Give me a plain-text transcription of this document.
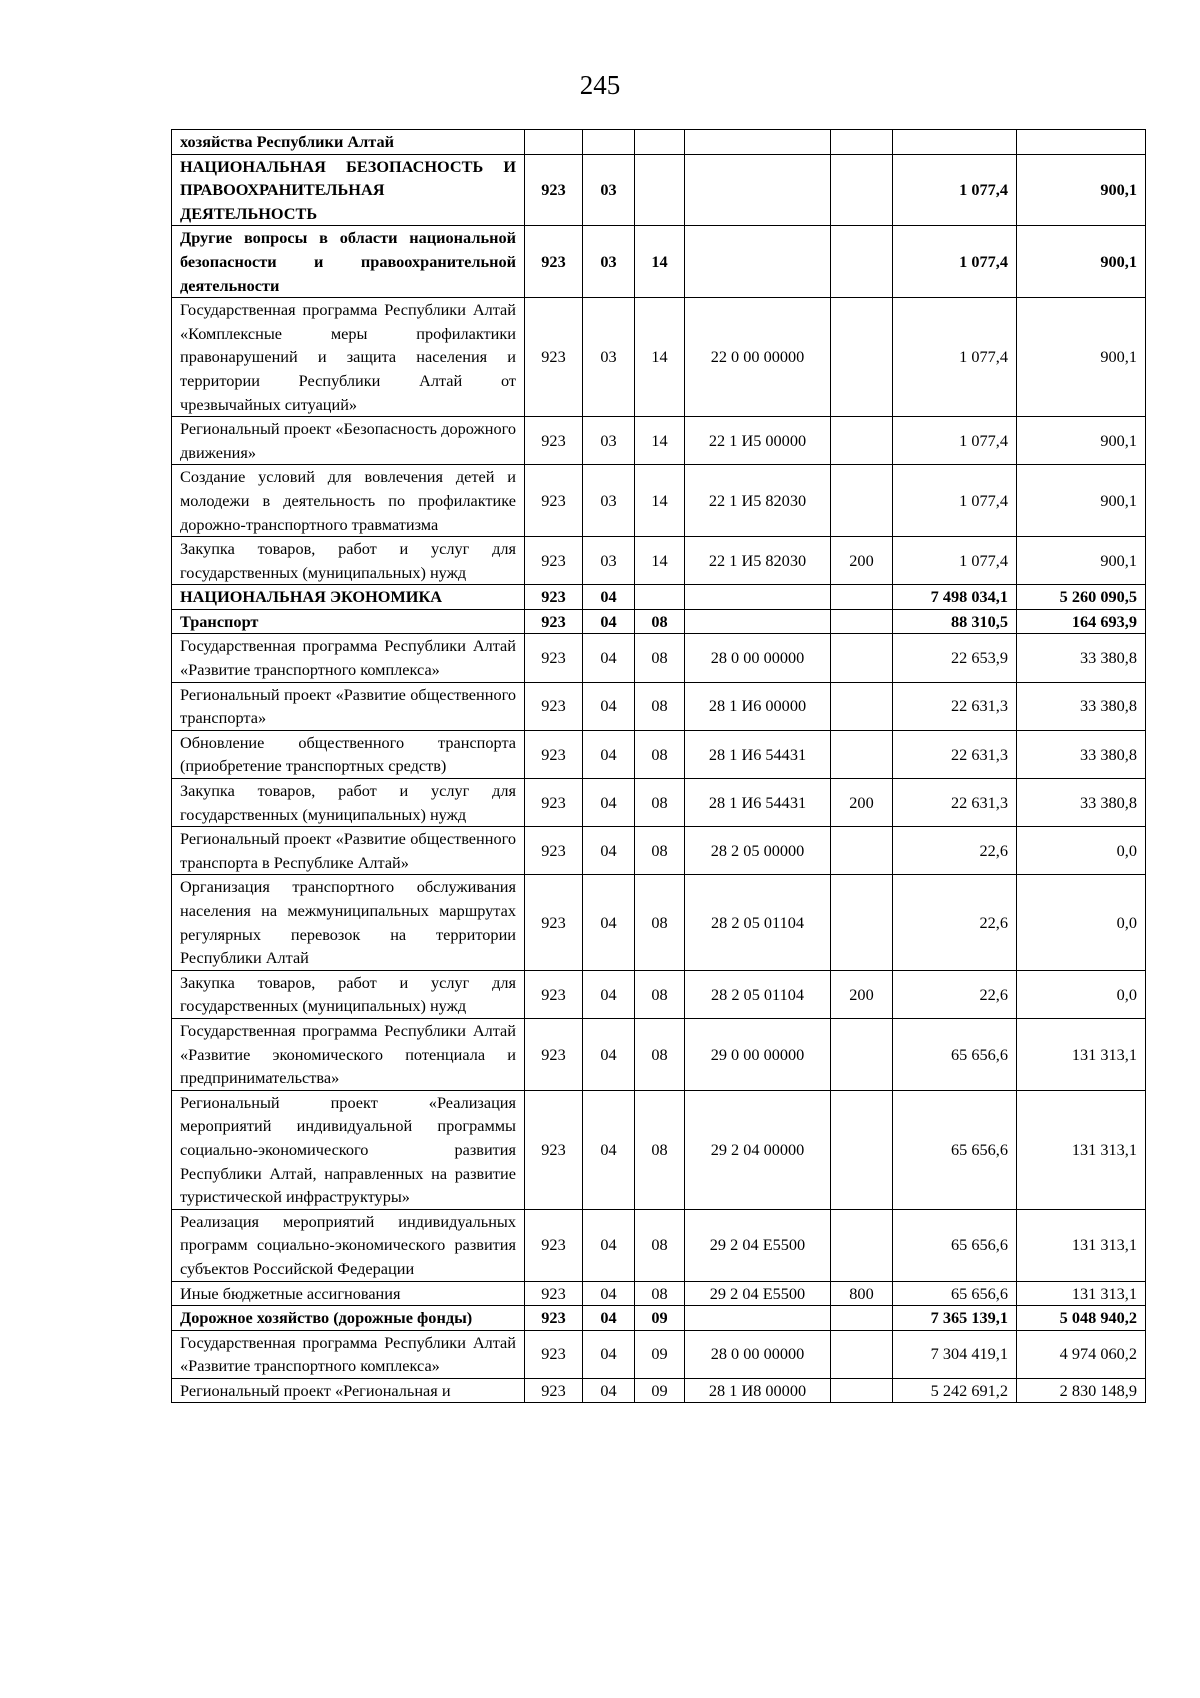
245
хозяйства Республики Алтай							
НАЦИОНАЛЬНАЯ БЕЗОПАСНОСТЬ И ПРАВООХРАНИТЕЛЬНАЯ ДЕЯТЕЛЬНОСТЬ	923	03				1 077,4	900,1
Другие вопросы в области национальной безопасности и правоохранительной деятельности	923	03	14			1 077,4	900,1
Государственная программа Республики Алтай «Комплексные меры профилактики правонарушений и защита населения и территории Республики Алтай от чрезвычайных ситуаций»	923	03	14	22 0 00 00000		1 077,4	900,1
Региональный проект «Безопасность дорожного движения»	923	03	14	22 1 И5 00000		1 077,4	900,1
Создание условий для вовлечения детей и молодежи в деятельность по профилактике дорожно-транспортного травматизма	923	03	14	22 1 И5 82030		1 077,4	900,1
Закупка товаров, работ и услуг для государственных (муниципальных) нужд	923	03	14	22 1 И5 82030	200	1 077,4	900,1
НАЦИОНАЛЬНАЯ ЭКОНОМИКА	923	04				7 498 034,1	5 260 090,5
Транспорт	923	04	08			88 310,5	164 693,9
Государственная программа Республики Алтай «Развитие транспортного комплекса»	923	04	08	28 0 00 00000		22 653,9	33 380,8
Региональный проект «Развитие общественного транспорта»	923	04	08	28 1 И6 00000		22 631,3	33 380,8
Обновление общественного транспорта (приобретение транспортных средств)	923	04	08	28 1 И6 54431		22 631,3	33 380,8
Закупка товаров, работ и услуг для государственных (муниципальных) нужд	923	04	08	28 1 И6 54431	200	22 631,3	33 380,8
Региональный проект «Развитие общественного транспорта в Республике Алтай»	923	04	08	28 2 05 00000		22,6	0,0
Организация транспортного обслуживания населения на межмуниципальных маршрутах регулярных перевозок на территории Республики Алтай	923	04	08	28 2 05 01104		22,6	0,0
Закупка товаров, работ и услуг для государственных (муниципальных) нужд	923	04	08	28 2 05 01104	200	22,6	0,0
Государственная программа Республики Алтай «Развитие экономического потенциала и предпринимательства»	923	04	08	29 0 00 00000		65 656,6	131 313,1
Региональный проект «Реализация мероприятий индивидуальной программы социально-экономического развития Республики Алтай, направленных на развитие туристической инфраструктуры»	923	04	08	29 2 04 00000		65 656,6	131 313,1
Реализация мероприятий индивидуальных программ социально-экономического развития субъектов Российской Федерации	923	04	08	29 2 04 Е5500		65 656,6	131 313,1
Иные бюджетные ассигнования	923	04	08	29 2 04 Е5500	800	65 656,6	131 313,1
Дорожное хозяйство (дорожные фонды)	923	04	09			7 365 139,1	5 048 940,2
Государственная программа Республики Алтай «Развитие транспортного комплекса»	923	04	09	28 0 00 00000		7 304 419,1	4 974 060,2
Региональный проект «Региональная и	923	04	09	28 1 И8 00000		5 242 691,2	2 830 148,9
